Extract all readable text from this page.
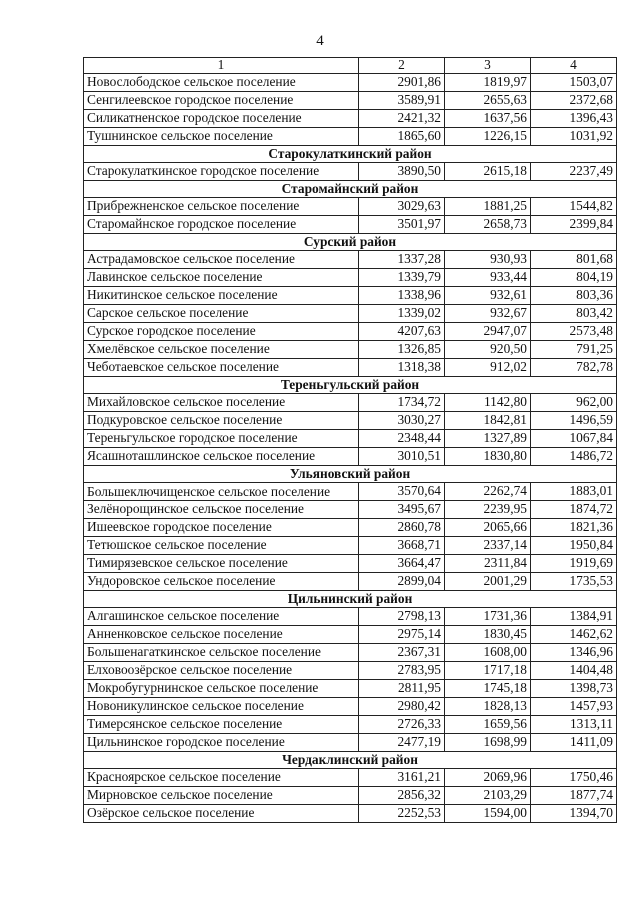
4
1	2	3	4
Новослободское сельское поселение	2901,86	1819,97	1503,07
Сенгилеевское городское поселение	3589,91	2655,63	2372,68
Силикатненское городское поселение	2421,32	1637,56	1396,43
Тушнинское сельское поселение	1865,60	1226,15	1031,92
Старокулаткинский район			
Старокулаткинское городское поселение	3890,50	2615,18	2237,49
Старомайнский район			
Прибрежненское сельское поселение	3029,63	1881,25	1544,82
Старомайнское городское поселение	3501,97	2658,73	2399,84
Сурский район			
Астрадамовское сельское поселение	1337,28	930,93	801,68
Лавинское сельское поселение	1339,79	933,44	804,19
Никитинское сельское поселение	1338,96	932,61	803,36
Сарское сельское поселение	1339,02	932,67	803,42
Сурское городское поселение	4207,63	2947,07	2573,48
Хмелёвское сельское поселение	1326,85	920,50	791,25
Чеботаевское сельское поселение	1318,38	912,02	782,78
Тереньгульский район			
Михайловское сельское поселение	1734,72	1142,80	962,00
Подкуровское сельское поселение	3030,27	1842,81	1496,59
Тереньгульское городское поселение	2348,44	1327,89	1067,84
Ясашноташлинское сельское поселение	3010,51	1830,80	1486,72
Ульяновский район			
Большеключищенское сельское поселение	3570,64	2262,74	1883,01
Зелёнорощинское сельское поселение	3495,67	2239,95	1874,72
Ишеевское городское поселение	2860,78	2065,66	1821,36
Тетюшское сельское поселение	3668,71	2337,14	1950,84
Тимирязевское сельское поселение	3664,47	2311,84	1919,69
Ундоровское сельское поселение	2899,04	2001,29	1735,53
Цильнинский район			
Алгашинское сельское поселение	2798,13	1731,36	1384,91
Анненковское сельское поселение	2975,14	1830,45	1462,62
Большенагаткинское сельское поселение	2367,31	1608,00	1346,96
Елховоозёрское сельское поселение	2783,95	1717,18	1404,48
Мокробугурнинское сельское поселение	2811,95	1745,18	1398,73
Новоникулинское сельское поселение	2980,42	1828,13	1457,93
Тимерсянское сельское поселение	2726,33	1659,56	1313,11
Цильнинское городское поселение	2477,19	1698,99	1411,09
Чердаклинский район			
Красноярское сельское поселение	3161,21	2069,96	1750,46
Мирновское сельское поселение	2856,32	2103,29	1877,74
Озёрское сельское поселение	2252,53	1594,00	1394,70
